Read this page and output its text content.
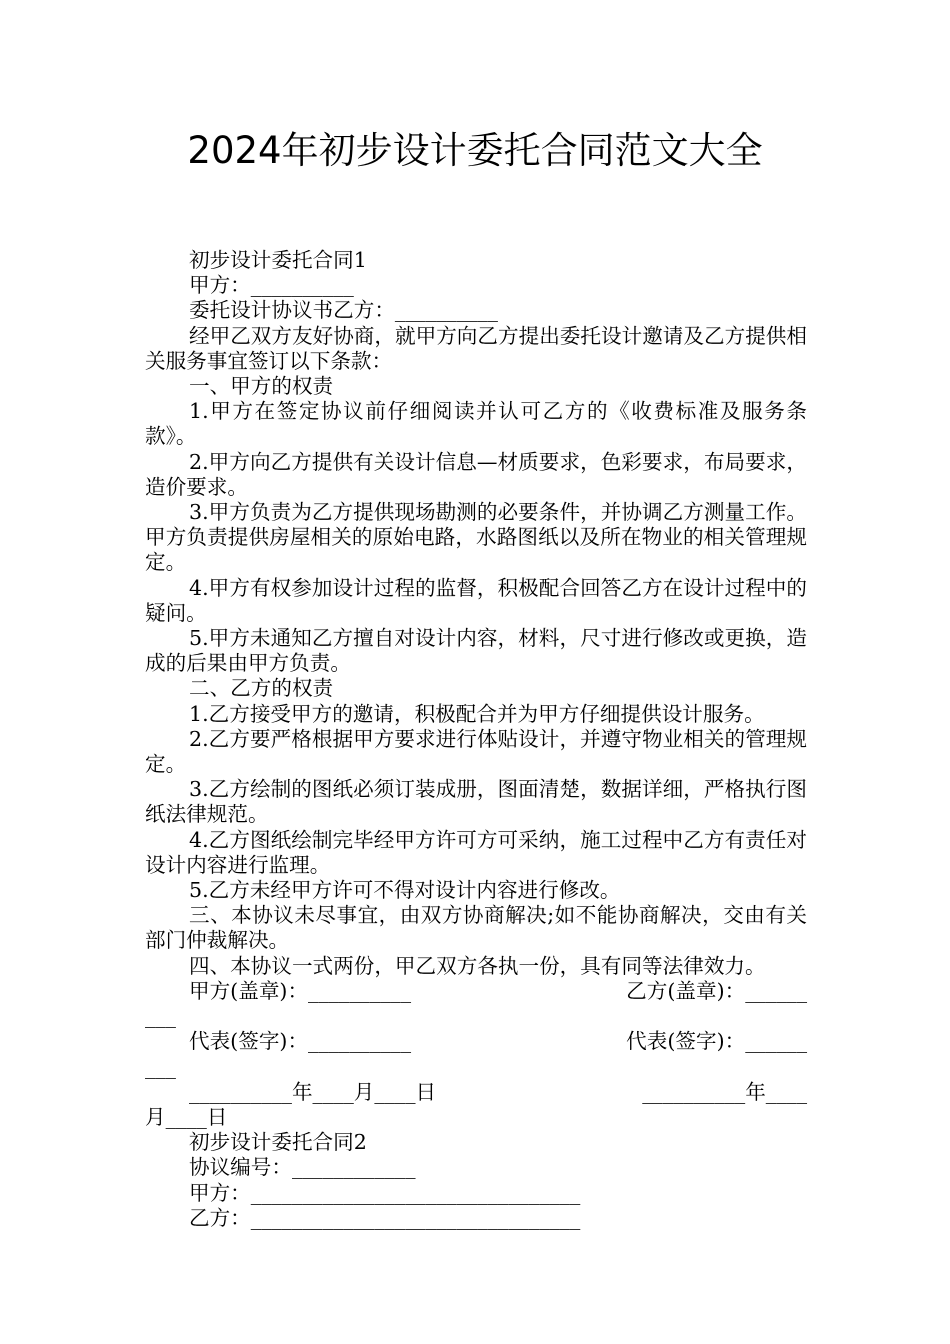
2024年初步设计委托合同范文大全

初步设计委托合同1

甲方：__________

委托设计协议书乙方：__________

经甲乙双方友好协商，就甲方向乙方提出委托设计邀请及乙方提供相关服务事宜签订以下条款：

一、甲方的权责

1.甲方在签定协议前仔细阅读并认可乙方的《收费标准及服务条款》。

2.甲方向乙方提供有关设计信息—材质要求，色彩要求，布局要求，造价要求。

3.甲方负责为乙方提供现场勘测的必要条件，并协调乙方测量工作。甲方负责提供房屋相关的原始电路，水路图纸以及所在物业的相关管理规定。

4.甲方有权参加设计过程的监督，积极配合回答乙方在设计过程中的疑问。

5.甲方未通知乙方擅自对设计内容，材料，尺寸进行修改或更换，造成的后果由甲方负责。

二、乙方的权责

1.乙方接受甲方的邀请，积极配合并为甲方仔细提供设计服务。

2.乙方要严格根据甲方要求进行体贴设计，并遵守物业相关的管理规定。

3.乙方绘制的图纸必须订装成册，图面清楚，数据详细，严格执行图纸法律规范。

4.乙方图纸绘制完毕经甲方许可方可采纳，施工过程中乙方有责任对设计内容进行监理。

5.乙方未经甲方许可不得对设计内容进行修改。

三、本协议未尽事宜，由双方协商解决;如不能协商解决，交由有关部门仲裁解决。

四、本协议一式两份，甲乙双方各执一份，具有同等法律效力。

甲方(盖章)：__________	乙方(盖章)：______

___

代表(签字)：__________	代表(签字)：______

___

__________年____月____日	__________年____

月____日

初步设计委托合同2

协议编号：____________

甲方：________________________________

乙方：________________________________
